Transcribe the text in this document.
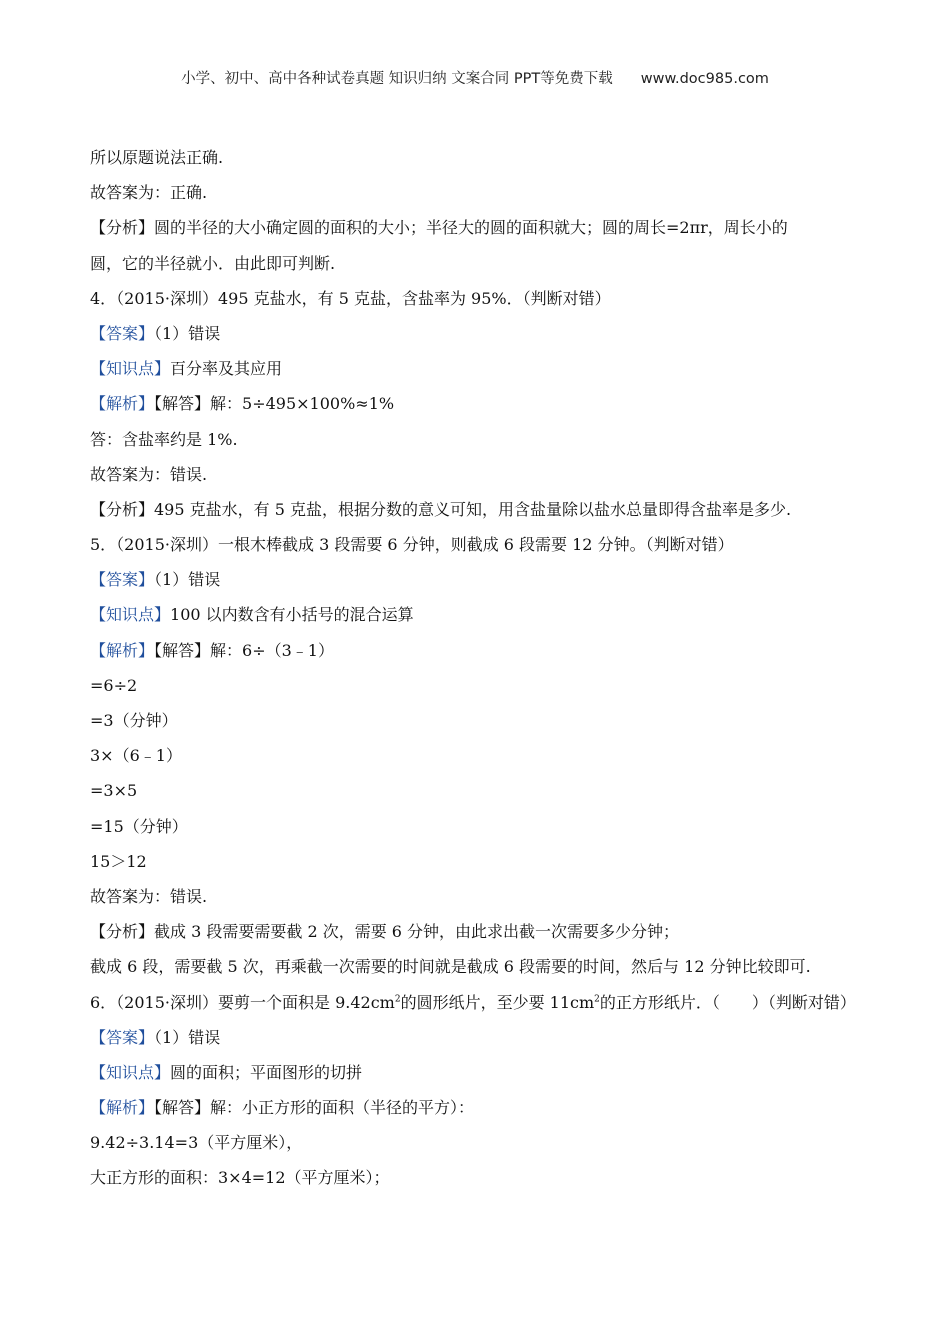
小学、初中、高中各种试卷真题 知识归纳 文案合同 PPT等免费下载 www.doc985.com
所以原题说法正确.
故答案为：正确.
【分析】圆的半径的大小确定圆的面积的大小；半径大的圆的面积就大；圆的周长=2πr，周长小的
圆，它的半径就小．由此即可判断.
4．（2015·深圳）495 克盐水，有 5 克盐，含盐率为 95%．（判断对错）
【答案】（1）错误
【知识点】百分率及其应用
【解析】【解答】解：5÷495×100%≈1%
答：含盐率约是 1%.
故答案为：错误.
【分析】495 克盐水，有 5 克盐，根据分数的意义可知，用含盐量除以盐水总量即得含盐率是多少.
5．（2015·深圳）一根木棒截成 3 段需要 6 分钟，则截成 6 段需要 12 分钟。（判断对错）
【答案】（1）错误
【知识点】100 以内数含有小括号的混合运算
【解析】【解答】解：6÷（3﹣1）
=6÷2
=3（分钟）
3×（6﹣1）
=3×5
=15（分钟）
15＞12
故答案为：错误.
【分析】截成 3 段需要需要截 2 次，需要 6 分钟，由此求出截一次需要多少分钟；
截成 6 段，需要截 5 次，再乘截一次需要的时间就是截成 6 段需要的时间，然后与 12 分钟比较即可.
6．（2015·深圳）要剪一个面积是 $9.42cm^2$的圆形纸片，至少要 $11cm^2$的正方形纸片．（　　）（判断对错）
【答案】（1）错误
【知识点】圆的面积；平面图形的切拼
【解析】【解答】解：小正方形的面积（半径的平方）：
9.42÷3.14=3（平方厘米），
大正方形的面积：3×4=12（平方厘米）；
